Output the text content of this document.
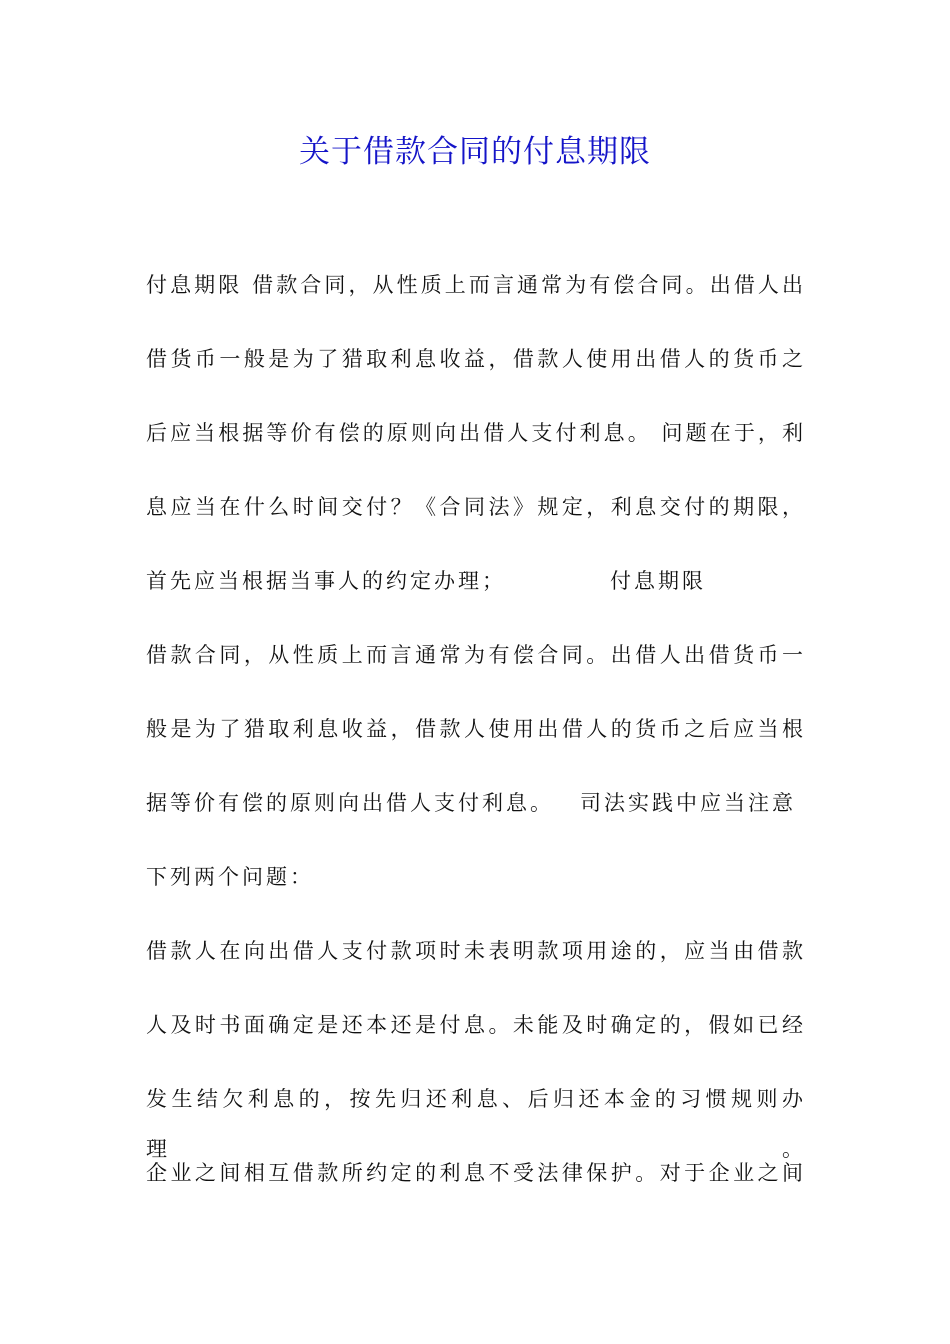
关于借款合同的付息期限
付息期限 借款合同，从性质上而言通常为有偿合同。出借人出
借货币一般是为了猎取利息收益，借款人使用出借人的货币之
后应当根据等价有偿的原则向出借人支付利息。 问题在于，利
息应当在什么时间交付？《合同法》规定，利息交付的期限，
首先应当根据当事人的约定办理；	付息期限
借款合同，从性质上而言通常为有偿合同。出借人出借货币一
般是为了猎取利息收益，借款人使用出借人的货币之后应当根
据等价有偿的原则向出借人支付利息。 司法实践中应当注意
下列两个问题：
借款人在向出借人支付款项时未表明款项用途的，应当由借款
人及时书面确定是还本还是付息。未能及时确定的，假如已经
发生结欠利息的，按先归还利息、后归还本金的习惯规则办理。
企业之间相互借款所约定的利息不受法律保护。对于企业之间
